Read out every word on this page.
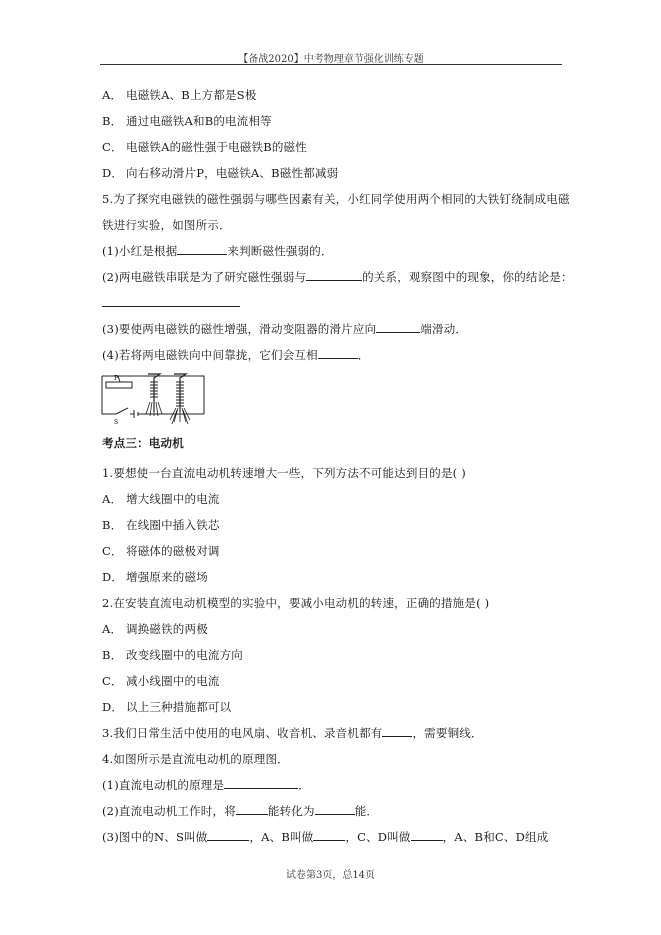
【备战2020】中考物理章节强化训练专题
A． 电磁铁A、B上方都是S极
B． 通过电磁铁A和B的电流相等
C． 电磁铁A的磁性强于电磁铁B的磁性
D． 向右移动滑片P，电磁铁A、B磁性都减弱
5.为了探究电磁铁的磁性强弱与哪些因素有关，小红同学使用两个相同的大铁钉绕制成电磁
铁进行实验，如图所示．
(1)小红是根据	来判断磁性强弱的．
(2)两电磁铁串联是为了研究磁性强弱与	的关系，观察图中的现象，你的结论是：
(3)要使两电磁铁的磁性增强，滑动变阻器的滑片应向	端滑动．
(4)若将两电磁铁向中间靠拢，它们会互相	．
P
S
考点三：电动机
1.要想使一台直流电动机转速增大一些，下列方法不可能达到目的是( )
A． 增大线圈中的电流
B． 在线圈中插入铁芯
C． 将磁体的磁极对调
D． 增强原来的磁场
2.在安装直流电动机模型的实验中，要减小电动机的转速，正确的措施是( )
A． 调换磁铁的两极
B． 改变线圈中的电流方向
C． 减小线圈中的电流
D． 以上三种措施都可以
3.我们日常生活中使用的电风扇、收音机、录音机都有	，需要铜线．
4.如图所示是直流电动机的原理图．
(1)直流电动机的原理是	．
(2)直流电动机工作时，将	能转化为	能．
(3)图中的N、S叫做	，A、B叫做	，C、D叫做	，A、B和C、D组成
试卷第3页，总14页
